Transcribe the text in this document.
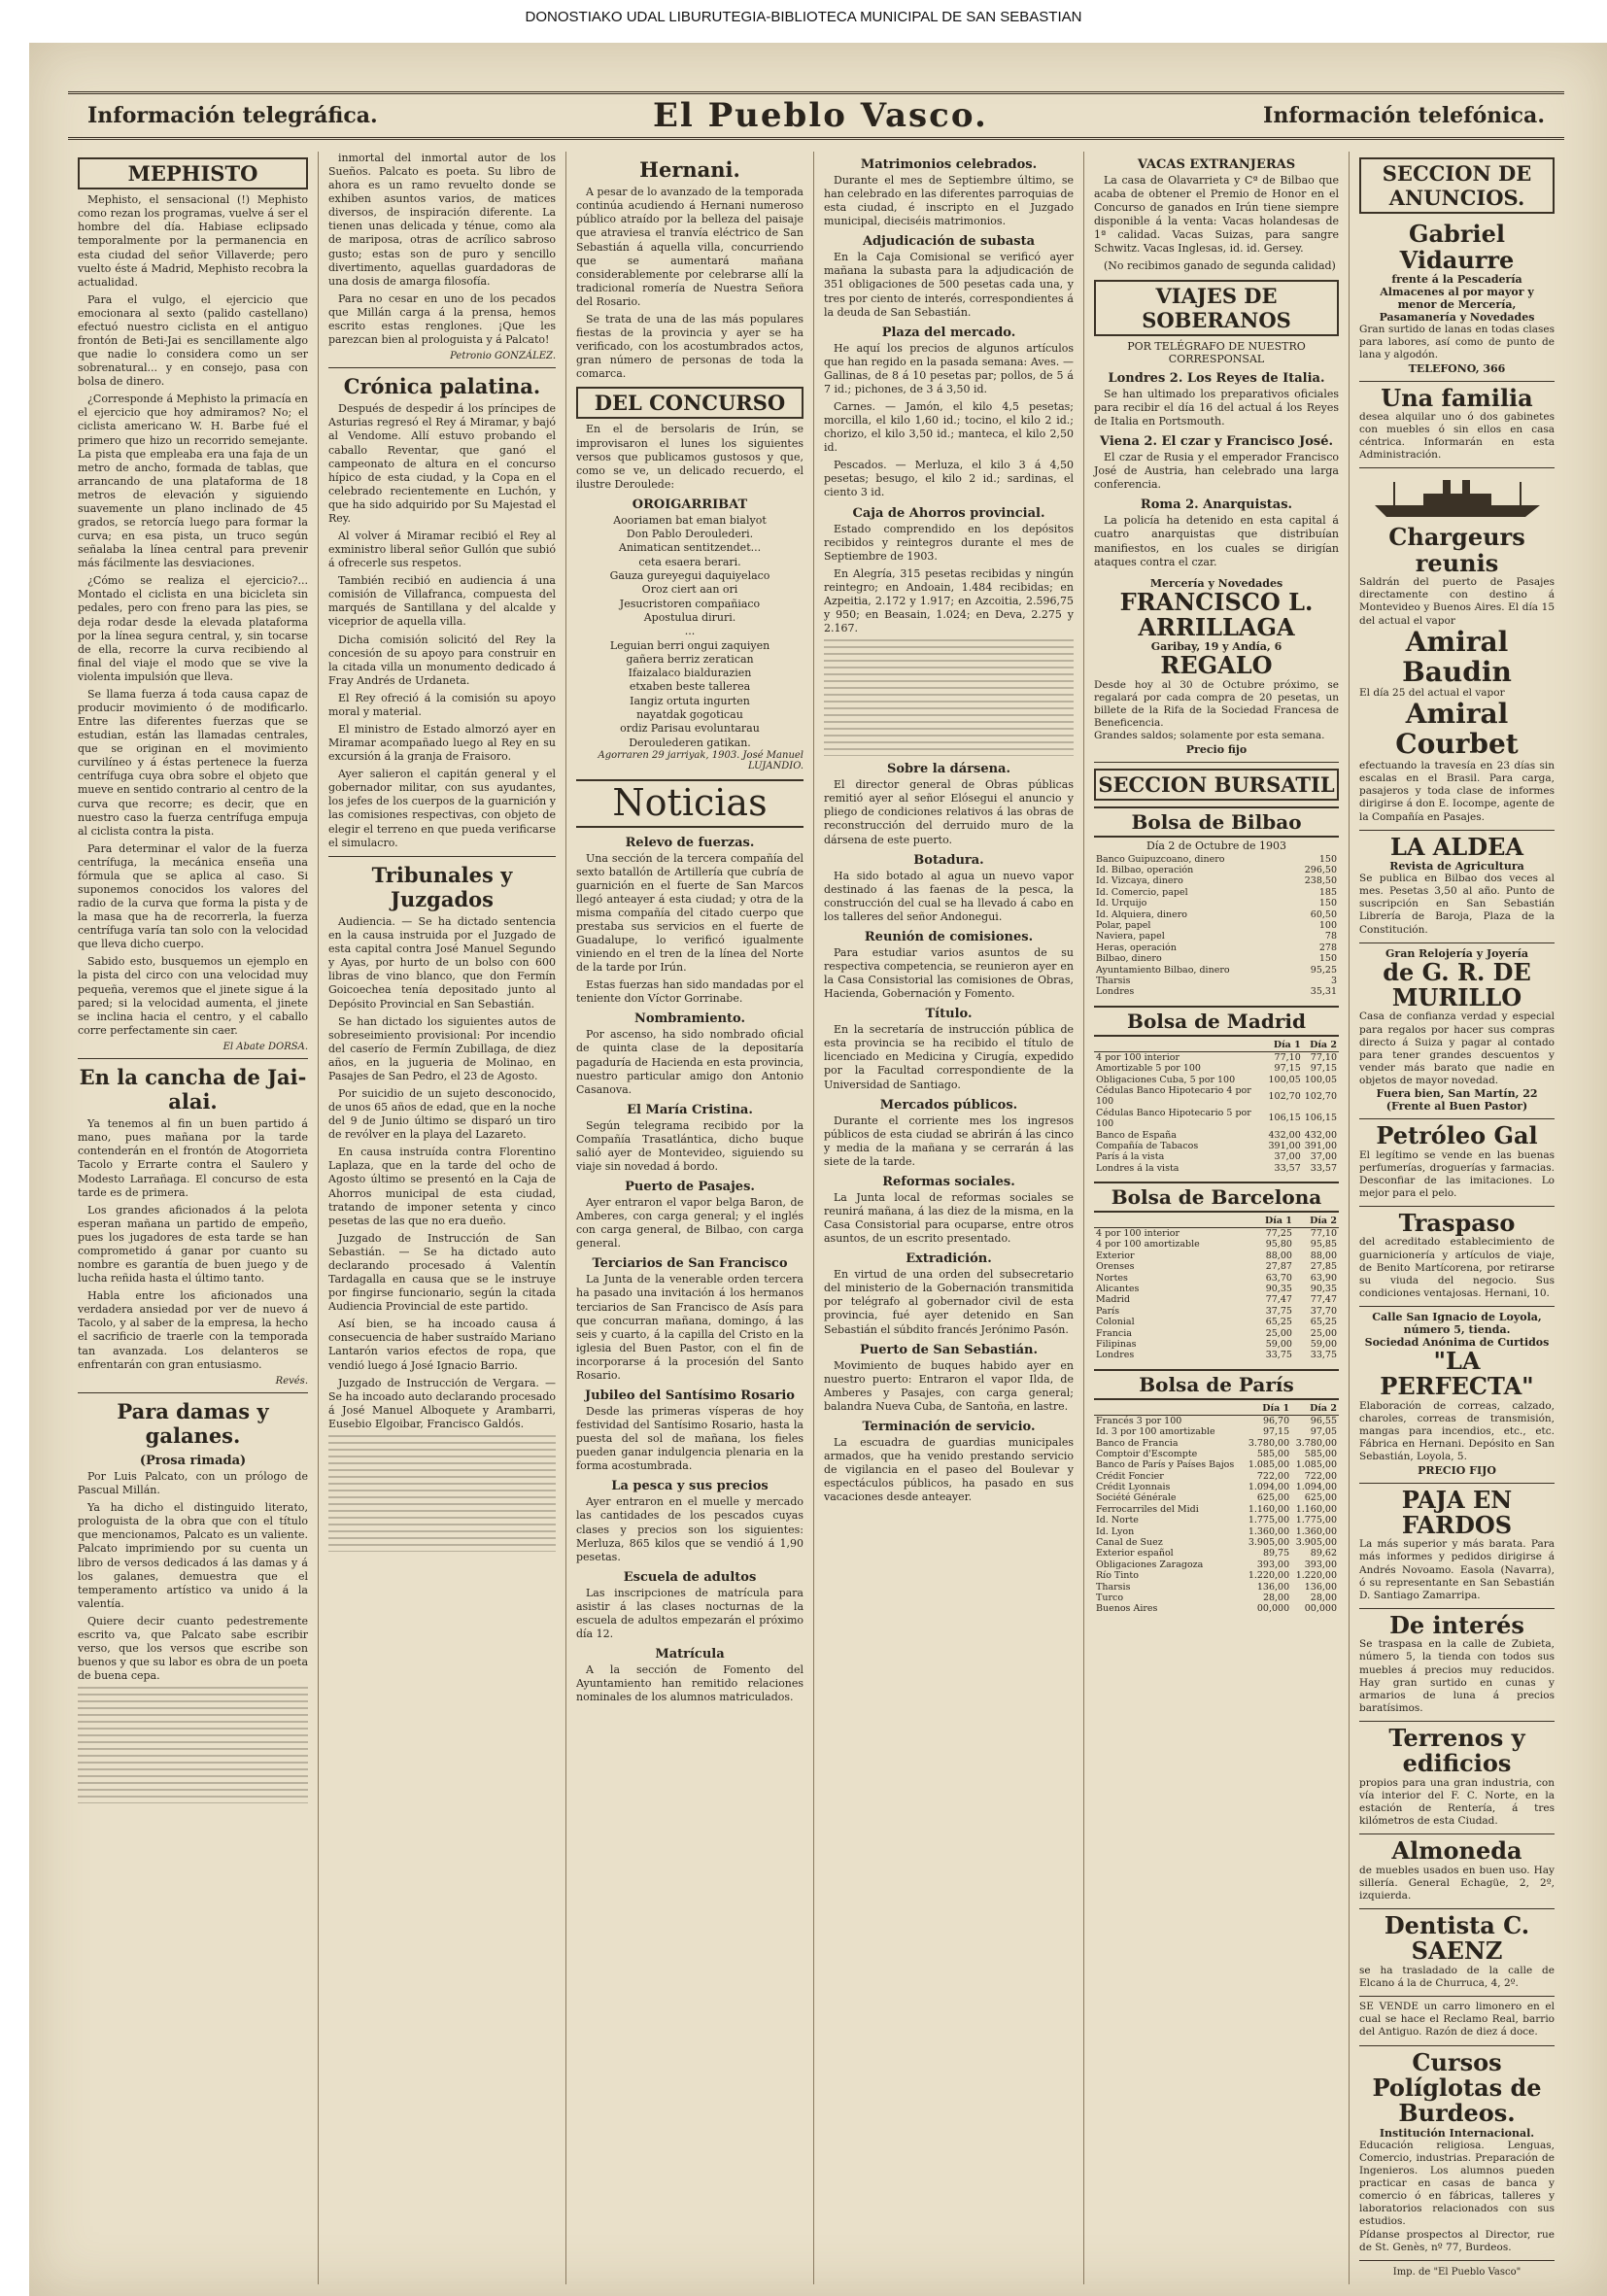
DONOSTIAKO UDAL LIBURUTEGIA-BIBLIOTECA MUNICIPAL DE SAN SEBASTIAN
Información telegráfica.	El Pueblo Vasco.	Información telefónica.
MEPHISTO

Mephisto, el sensacional (!) Mephisto como rezan los programas, vuelve á ser el hombre del día. Habiase eclipsado temporalmente por la permanencia en esta ciudad del señor Villaverde; pero vuelto éste á Madrid, Mephisto recobra la actualidad.

Para el vulgo, el ejercicio que emocionara al sexto (palido castellano) efectuó nuestro ciclista en el antiguo frontón de Beti-Jai es sencillamente algo que nadie lo considera como un ser sobrenatural... y en consejo, pasa con bolsa de dinero.

¿Corresponde á Mephisto la primacía en el ejercicio que hoy admiramos? No; el ciclista americano W. H. Barbe fué el primero que hizo un recorrido semejante. La pista que empleaba era una faja de un metro de ancho, formada de tablas, que arrancando de una plataforma de 18 metros de elevación y siguiendo suavemente un plano inclinado de 45 grados, se retorcía luego para formar la curva; en esa pista, un truco según señalaba la línea central para prevenir más fácilmente las desviaciones.

¿Cómo se realiza el ejercicio?... Montado el ciclista en una bicicleta sin pedales, pero con freno para las pies, se deja rodar desde la elevada plataforma por la línea segura central, y, sin tocarse de ella, recorre la curva recibiendo al final del viaje el modo que se vive la violenta impulsión que lleva.

Se llama fuerza á toda causa capaz de producir movimiento ó de modificarlo. Entre las diferentes fuerzas que se estudian, están las llamadas centrales, que se originan en el movimiento curvilíneo y á éstas pertenece la fuerza centrífuga cuya obra sobre el objeto que mueve en sentido contrario al centro de la curva que recorre; es decir, que en nuestro caso la fuerza centrífuga empuja al ciclista contra la pista.

Para determinar el valor de la fuerza centrífuga, la mecánica enseña una fórmula que se aplica al caso. Si suponemos conocidos los valores del radio de la curva que forma la pista y de la masa que ha de recorrerla, la fuerza centrífuga varía tan solo con la velocidad que lleva dicho cuerpo.

Sabido esto, busquemos un ejemplo en la pista del circo con una velocidad muy pequeña, veremos que el jinete sigue á la pared; si la velocidad aumenta, el jinete se inclina hacia el centro, y el caballo corre perfectamente sin caer.

El Abate DORSA.
En la cancha de Jai-alai.

Ya tenemos al fin un buen partido á mano, pues mañana por la tarde contenderán en el frontón de Atogorrieta Tacolo y Errarte contra el Saulero y Modesto Larrañaga. El concurso de esta tarde es de primera.

Los grandes aficionados á la pelota esperan mañana un partido de empeño, pues los jugadores de esta tarde se han comprometido á ganar por cuanto su nombre es garantía de buen juego y de lucha reñida hasta el último tanto.

Habla entre los aficionados una verdadera ansiedad por ver de nuevo á Tacolo, y al saber de la empresa, la hecho el sacrificio de traerle con la temporada tan avanzada. Los delanteros se enfrentarán con gran entusiasmo.

Revés.
Para damas y galanes.
(Prosa rimada)

Por Luis Palcato, con un prólogo de Pascual Millán.

Ya ha dicho el distinguido literato, prologuista de la obra que con el título que mencionamos, Palcato es un valiente. Palcato imprimiendo por su cuenta un libro de versos dedicados á las damas y á los galanes, demuestra que el temperamento artístico va unido á la valentía.

Quiere decir cuanto pedestremente escrito va, que Palcato sabe escribir verso, que los versos que escribe son buenos y que su labor es obra de un poeta de buena cepa.

inmortal del inmortal autor de los Sueños. Palcato es poeta. Su libro de ahora es un ramo revuelto donde se exhiben asuntos varios, de matices diversos, de inspiración diferente. La tienen unas delicada y ténue, como ala de mariposa, otras de acrílico sabroso gusto; estas son de puro y sencillo divertimento, aquellas guardadoras de una dosis de amarga filosofía.

Para no cesar en uno de los pecados que Millán carga á la prensa, hemos escrito estas renglones. ¡Que les parezcan bien al prologuista y á Palcato!

Petronio GONZÁLEZ.
Crónica palatina.

Después de despedir á los príncipes de Asturias regresó el Rey á Miramar, y bajó al Vendome. Allí estuvo probando el caballo Reventar, que ganó el campeonato de altura en el concurso hípico de esta ciudad, y la Copa en el celebrado recientemente en Luchón, y que ha sido adquirido por Su Majestad el Rey.

Al volver á Miramar recibió el Rey al exministro liberal señor Gullón que subió á ofrecerle sus respetos.

También recibió en audiencia á una comisión de Villafranca, compuesta del marqués de Santillana y del alcalde y viceprior de aquella villa.

Dicha comisión solicitó del Rey la concesión de su apoyo para construir en la citada villa un monumento dedicado á Fray Andrés de Urdaneta.

El Rey ofreció á la comisión su apoyo moral y material.

El ministro de Estado almorzó ayer en Miramar acompañado luego al Rey en su excursión á la granja de Fraisoro.

Ayer salieron el capitán general y el gobernador militar, con sus ayudantes, los jefes de los cuerpos de la guarnición y las comisiones respectivas, con objeto de elegir el terreno en que pueda verificarse el simulacro.

Tribunales y Juzgados

Audiencia. — Se ha dictado sentencia en la causa instruida por el Juzgado de esta capital contra José Manuel Segundo y Ayas, por hurto de un bolso con 600 libras de vino blanco, que don Fermín Goicoechea tenía depositado junto al Depósito Provincial en San Sebastián.

Se han dictado los siguientes autos de sobreseimiento provisional: Por incendio del caserío de Fermín Zubillaga, de diez años, en la jugueria de Molinao, en Pasajes de San Pedro, el 23 de Agosto.

Por suicidio de un sujeto desconocido, de unos 65 años de edad, que en la noche del 9 de Junio último se disparó un tiro de revólver en la playa del Lazareto.

En causa instruída contra Florentino Laplaza, que en la tarde del ocho de Agosto último se presentó en la Caja de Ahorros municipal de esta ciudad, tratando de imponer setenta y cinco pesetas de las que no era dueño.

Juzgado de Instrucción de San Sebastián. — Se ha dictado auto declarando procesado á Valentín Tardagalla en causa que se le instruye por fingirse funcionario, según la citada Audiencia Provincial de este partido.

Así bien, se ha incoado causa á consecuencia de haber sustraído Mariano Lantarón varios efectos de ropa, que vendió luego á José Ignacio Barrio.

Juzgado de Instrucción de Vergara. — Se ha incoado auto declarando procesado á José Manuel Alboquete y Arambarri, Eusebio Elgoibar, Francisco Galdós.

Hernani.

A pesar de lo avanzado de la temporada continúa acudiendo á Hernani numeroso público atraído por la belleza del paisaje que atraviesa el tranvía eléctrico de San Sebastián á aquella villa, concurriendo que se aumentará mañana considerablemente por celebrarse allí la tradicional romería de Nuestra Señora del Rosario.

Se trata de una de las más populares fiestas de la provincia y ayer se ha verificado, con los acostumbrados actos, gran número de personas de toda la comarca.

DEL CONCURSO

En el de bersolaris de Irún, se improvisaron el lunes los siguientes versos que publicamos gustosos y que, como se ve, un delicado recuerdo, el ilustre Deroulede:

OROIGARRIBAT
Aooriamen bat eman bialyot
Don Pablo Deroulederi.
Animatican sentitzendet...
ceta esaera berari.
Gauza gureyegui daquiyelaco
Oroz ciert aan ori
Jesucristoren compañiaco
Apostulua diruri.
...
Leguian berri ongui zaquiyen
gañera berriz zeratican
Ifaizalaco bialdurazien
etxaben beste tallerea
Iangiz ortuta ingurten
nayatdak gogoticau
ordiz Parisau evoluntarau
Deroulederen gatikan.
Agorraren 29 jarriyak, 1903. José Manuel LUJANDIO.
Noticias
Relevo de fuerzas.

Una sección de la tercera compañía del sexto batallón de Artillería que cubría de guarnición en el fuerte de San Marcos llegó anteayer á esta ciudad; y otra de la misma compañía del citado cuerpo que prestaba sus servicios en el fuerte de Guadalupe, lo verificó igualmente viniendo en el tren de la línea del Norte de la tarde por Irún.

Estas fuerzas han sido mandadas por el teniente don Víctor Gorrinabe.

Nombramiento.

Por ascenso, ha sido nombrado oficial de quinta clase de la depositaría pagaduría de Hacienda en esta provincia, nuestro particular amigo don Antonio Casanova.

El María Cristina.

Según telegrama recibido por la Compañía Trasatlántica, dicho buque salió ayer de Montevideo, siguiendo su viaje sin novedad á bordo.

Puerto de Pasajes.

Ayer entraron el vapor belga Baron, de Amberes, con carga general; y el inglés con carga general, de Bilbao, con carga general.

Terciarios de San Francisco

La Junta de la venerable orden tercera ha pasado una invitación á los hermanos terciarios de San Francisco de Asís para que concurran mañana, domingo, á las seis y cuarto, á la capilla del Cristo en la iglesia del Buen Pastor, con el fin de incorporarse á la procesión del Santo Rosario.

Jubileo del Santísimo Rosario

Desde las primeras vísperas de hoy festividad del Santísimo Rosario, hasta la puesta del sol de mañana, los fieles pueden ganar indulgencia plenaria en la forma acostumbrada.

La pesca y sus precios

Ayer entraron en el muelle y mercado las cantidades de los pescados cuyas clases y precios son los siguientes: Merluza, 865 kilos que se vendió á 1,90 pesetas.

Escuela de adultos

Las inscripciones de matrícula para asistir á las clases nocturnas de la escuela de adultos empezarán el próximo día 12.

Matrícula

A la sección de Fomento del Ayuntamiento han remitido relaciones nominales de los alumnos matriculados.

Matrimonios celebrados.

Durante el mes de Septiembre último, se han celebrado en las diferentes parroquias de esta ciudad, é inscripto en el Juzgado municipal, dieciséis matrimonios.

Adjudicación de subasta

En la Caja Comisional se verificó ayer mañana la subasta para la adjudicación de 351 obligaciones de 500 pesetas cada una, y tres por ciento de interés, correspondientes á la deuda de San Sebastián.

Plaza del mercado.

He aquí los precios de algunos artículos que han regido en la pasada semana: Aves. — Gallinas, de 8 á 10 pesetas par; pollos, de 5 á 7 id.; pichones, de 3 á 3,50 id.

Carnes. — Jamón, el kilo 4,5 pesetas; morcilla, el kilo 1,60 id.; tocino, el kilo 2 id.; chorizo, el kilo 3,50 id.; manteca, el kilo 2,50 id.

Pescados. — Merluza, el kilo 3 á 4,50 pesetas; besugo, el kilo 2 id.; sardinas, el ciento 3 id.

Caja de Ahorros provincial.

Estado comprendido en los depósitos recibidos y reintegros durante el mes de Septiembre de 1903.

En Alegría, 315 pesetas recibidas y ningún reintegro; en Andoain, 1.484 recibidas; en Azpeitia, 2.172 y 1.917; en Azcoitia, 2.596,75 y 950; en Beasain, 1.024; en Deva, 2.275 y 2.167.

Sobre la dársena.

El director general de Obras públicas remitió ayer al señor Elósegui el anuncio y pliego de condiciones relativos á las obras de reconstrucción del derruido muro de la dársena de este puerto.

Botadura.

Ha sido botado al agua un nuevo vapor destinado á las faenas de la pesca, la construcción del cual se ha llevado á cabo en los talleres del señor Andonegui.

Reunión de comisiones.

Para estudiar varios asuntos de su respectiva competencia, se reunieron ayer en la Casa Consistorial las comisiones de Obras, Hacienda, Gobernación y Fomento.

Título.

En la secretaría de instrucción pública de esta provincia se ha recibido el título de licenciado en Medicina y Cirugía, expedido por la Facultad correspondiente de la Universidad de Santiago.

Mercados públicos.

Durante el corriente mes los ingresos públicos de esta ciudad se abrirán á las cinco y media de la mañana y se cerrarán á las siete de la tarde.

Reformas sociales.

La Junta local de reformas sociales se reunirá mañana, á las diez de la misma, en la Casa Consistorial para ocuparse, entre otros asuntos, de un escrito presentado.

Extradición.

En virtud de una orden del subsecretario del ministerio de la Gobernación transmitida por telégrafo al gobernador civil de esta provincia, fué ayer detenido en San Sebastián el súbdito francés Jerónimo Pasón.

Puerto de San Sebastián.

Movimiento de buques habido ayer en nuestro puerto: Entraron el vapor Ilda, de Amberes y Pasajes, con carga general; balandra Nueva Cuba, de Santoña, en lastre.

Terminación de servicio.

La escuadra de guardias municipales armados, que ha venido prestando servicio de vigilancia en el paseo del Boulevar y espectáculos públicos, ha pasado en sus vacaciones desde anteayer.

VACAS EXTRANJERAS

La casa de Olavarrieta y Cª de Bilbao que acaba de obtener el Premio de Honor en el Concurso de ganados en Irún tiene siempre disponible á la venta: Vacas holandesas de 1ª calidad. Vacas Suizas, para sangre Schwitz. Vacas Inglesas, id. id. Gersey.

(No recibimos ganado de segunda calidad)

VIAJES DE SOBERANOS
POR TELÉGRAFO DE NUESTRO CORRESPONSAL
Londres 2. Los Reyes de Italia.

Se han ultimado los preparativos oficiales para recibir el día 16 del actual á los Reyes de Italia en Portsmouth.

Viena 2. El czar y Francisco José.

El czar de Rusia y el emperador Francisco José de Austria, han celebrado una larga conferencia.

Roma 2. Anarquistas.

La policía ha detenido en esta capital á cuatro anarquistas que distribuían manifiestos, en los cuales se dirigían ataques contra el czar.

Mercería y Novedades
FRANCISCO L. ARRILLAGA
Garibay, 19 y Andía, 6
REGALO
Desde hoy al 30 de Octubre próximo, se regalará por cada compra de 20 pesetas, un billete de la Rifa de la Sociedad Francesa de Beneficencia.
Grandes saldos; solamente por esta semana.
Precio fijo
SECCION BURSATIL
Bolsa de Bilbao
Día 2 de Octubre de 1903
Banco Guipuzcoano, dinero	150
Id. Bilbao, operación	296,50
Id. Vizcaya, dinero	238,50
Id. Comercio, papel	185
Id. Urquijo	150
Id. Alquiera, dinero	60,50
Polar, papel	100
Naviera, papel	78
Heras, operación	278
Bilbao, dinero	150
Ayuntamiento Bilbao, dinero	95,25
Tharsis	3
Londres	35,31
Bolsa de Madrid
	Día 1	Día 2
4 por 100 interior	77,10	77,10
Amortizable 5 por 100	97,15	97,15
Obligaciones Cuba, 5 por 100	100,05	100,05
Cédulas Banco Hipotecario 4 por 100	102,70	102,70
Cédulas Banco Hipotecario 5 por 100	106,15	106,15
Banco de España	432,00	432,00
Compañía de Tabacos	391,00	391,00
París á la vista	37,00	37,00
Londres á la vista	33,57	33,57
Bolsa de Barcelona
	Día 1	Día 2
4 por 100 interior	77,25	77,10
4 por 100 amortizable	95,80	95,85
Exterior	88,00	88,00
Orenses	27,87	27,85
Nortes	63,70	63,90
Alicantes	90,35	90,35
Madrid	77,47	77,47
París	37,75	37,70
Colonial	65,25	65,25
Francia	25,00	25,00
Filipinas	59,00	59,00
Londres	33,75	33,75
Bolsa de París
	Día 1	Día 2
Francés 3 por 100	96,70	96,55
Id. 3 por 100 amortizable	97,15	97,05
Banco de Francia	3.780,00	3.780,00
Comptoir d'Escompte	585,00	585,00
Banco de París y Países Bajos	1.085,00	1.085,00
Crédit Foncier	722,00	722,00
Crédit Lyonnais	1.094,00	1.094,00
Société Générale	625,00	625,00
Ferrocarriles del Midi	1.160,00	1.160,00
Id. Norte	1.775,00	1.775,00
Id. Lyon	1.360,00	1.360,00
Canal de Suez	3.905,00	3.905,00
Exterior español	89,75	89,62
Obligaciones Zaragoza	393,00	393,00
Río Tinto	1.220,00	1.220,00
Tharsis	136,00	136,00
Turco	28,00	28,00
Buenos Aires	00,000	00,000
SECCION DE ANUNCIOS.
Gabriel Vidaurre
frente á la Pescadería
Almacenes al por mayor y menor de Mercería, Pasamanería y Novedades
Gran surtido de lanas en todas clases para labores, así como de punto de lana y algodón.
TELEFONO, 366
Una familia
desea alquilar uno ó dos gabinetes con muebles ó sin ellos en casa céntrica. Informarán en esta Administración.
Chargeurs reunis
Saldrán del puerto de Pasajes directamente con destino á Montevideo y Buenos Aires. El día 15 del actual el vapor
Amiral Baudin
El día 25 del actual el vapor
Amiral Courbet
efectuando la travesía en 23 días sin escalas en el Brasil. Para carga, pasajeros y toda clase de informes dirigirse á don E. Iocompe, agente de la Compañía en Pasajes.
LA ALDEA
Revista de Agricultura
Se publica en Bilbao dos veces al mes. Pesetas 3,50 al año. Punto de suscripción en San Sebastián Librería de Baroja, Plaza de la Constitución.
Gran Relojería y Joyería
de G. R. DE MURILLO
Casa de confianza verdad y especial para regalos por hacer sus compras directo á Suiza y pagar al contado para tener grandes descuentos y vender más barato que nadie en objetos de mayor novedad.
Fuera bien, San Martín, 22 (Frente al Buen Pastor)
Petróleo Gal
El legítimo se vende en las buenas perfumerías, droguerías y farmacias. Desconfiar de las imitaciones. Lo mejor para el pelo.
Traspaso
del acreditado establecimiento de guarnicionería y artículos de viaje, de Benito Martícorena, por retirarse su viuda del negocio. Sus condiciones ventajosas. Hernani, 10.
Calle San Ignacio de Loyola, número 5, tienda.
Sociedad Anónima de Curtidos
"LA PERFECTA"
Elaboración de correas, calzado, charoles, correas de transmisión, mangas para incendios, etc., etc. Fábrica en Hernani. Depósito en San Sebastián, Loyola, 5.
PRECIO FIJO
PAJA EN FARDOS
La más superior y más barata. Para más informes y pedidos dirigirse á Andrés Novoamo. Easola (Navarra), ó su representante en San Sebastián D. Santiago Zamarripa.
De interés
Se traspasa en la calle de Zubieta, número 5, la tienda con todos sus muebles á precios muy reducidos. Hay gran surtido en cunas y armarios de luna á precios baratísimos.
Terrenos y edificios
propios para una gran industria, con vía interior del F. C. Norte, en la estación de Rentería, á tres kilómetros de esta Ciudad.
Almoneda
de muebles usados en buen uso. Hay sillería. General Echagüe, 2, 2º, izquierda.
Dentista C. SAENZ
se ha trasladado de la calle de Elcano á la de Churruca, 4, 2º.
SE VENDE un carro limonero en el cual se hace el Reclamo Real, barrio del Antiguo. Razón de diez á doce.
Cursos Políglotas de Burdeos.
Institución Internacional.
Educación religiosa. Lenguas, Comercio, industrias. Preparación de Ingenieros. Los alumnos pueden practicar en casas de banca y comercio ó en fábricas, talleres y laboratorios relacionados con sus estudios.
Pídanse prospectos al Director, rue de St. Genès, nº 77, Burdeos.
Imp. de "El Pueblo Vasco"
